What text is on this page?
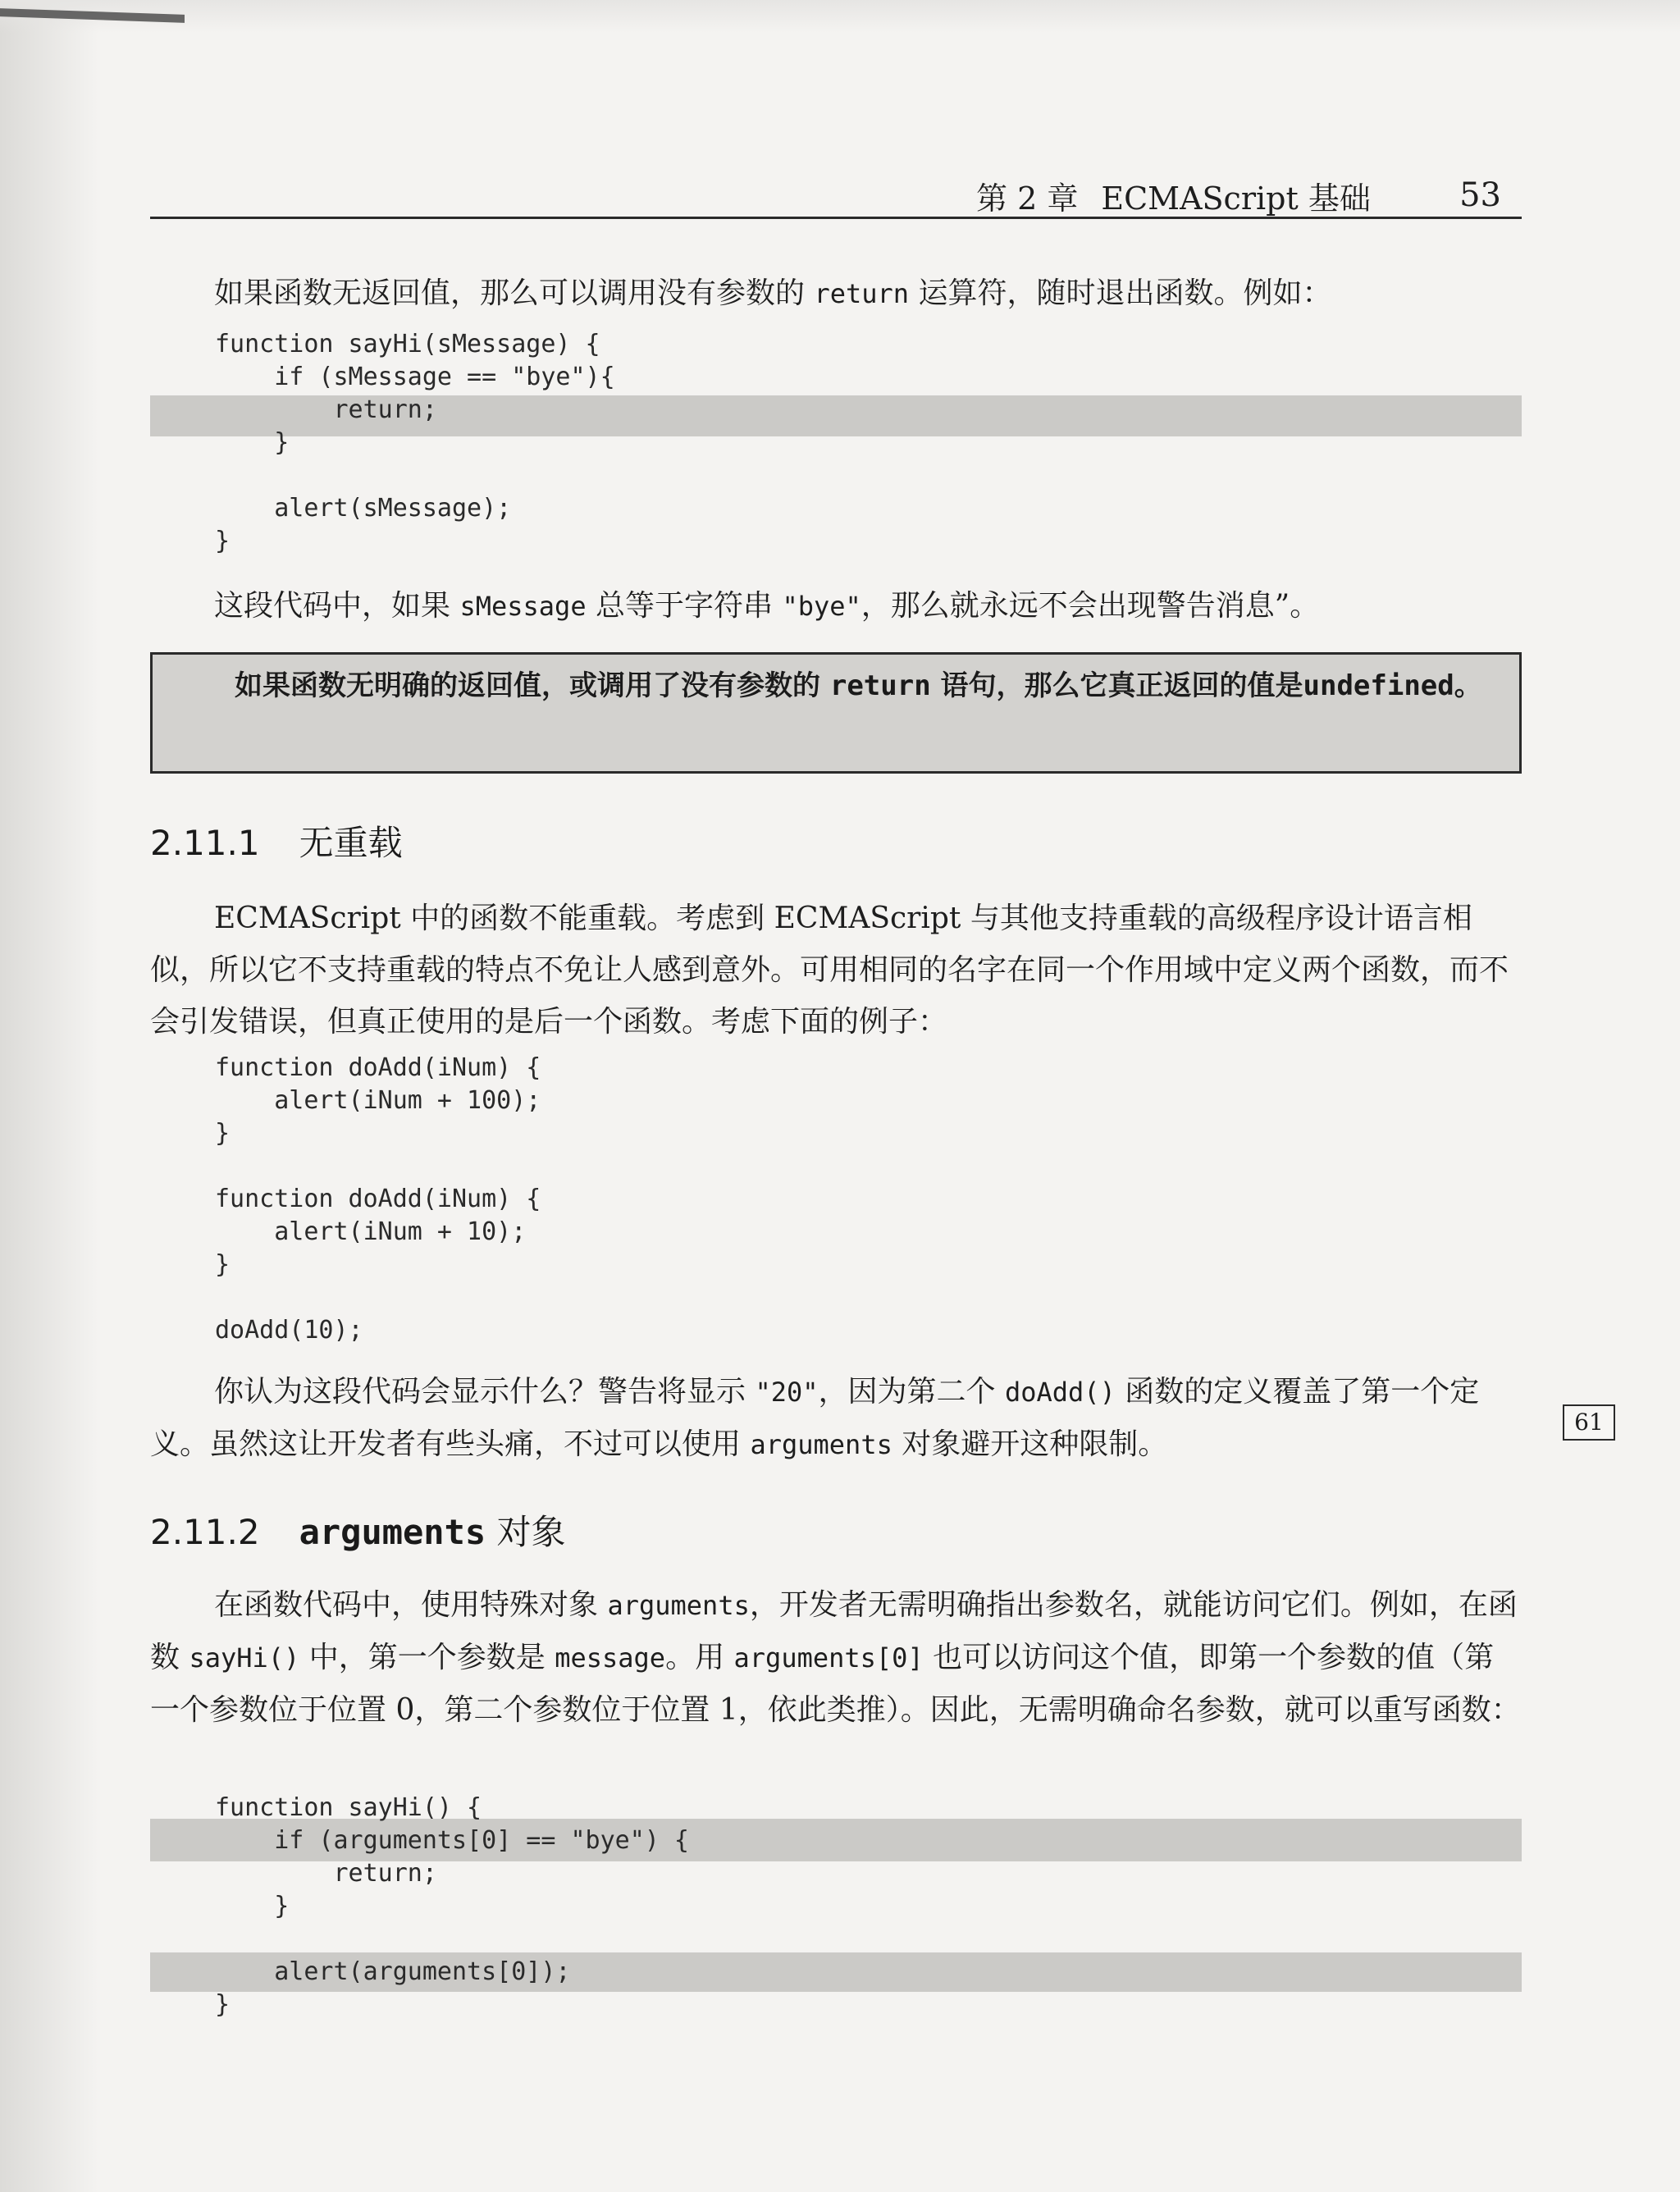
第 2 章 ECMAScript 基础	53

如果函数无返回值，那么可以调用没有参数的 return 运算符，随时退出函数。例如：

function sayHi(sMessage) {
if (sMessage == "bye"){
return;
}
alert(sMessage);
}

这段代码中，如果 sMessage 总等于字符串 "bye"，那么就永远不会出现警告消息”。

如果函数无明确的返回值，或调用了没有参数的 return 语句，那么它真正返回的值是undefined。
2.11.1 无重载

ECMAScript 中的函数不能重载。考虑到 ECMAScript 与其他支持重载的高级程序设计语言相似，所以它不支持重载的特点不免让人感到意外。可用相同的名字在同一个作用域中定义两个函数，而不会引发错误，但真正使用的是后一个函数。考虑下面的例子：

function doAdd(iNum) {
alert(iNum + 100);
}
function doAdd(iNum) {
alert(iNum + 10);
}
doAdd(10);

你认为这段代码会显示什么？警告将显示 "20"，因为第二个 doAdd() 函数的定义覆盖了第一个定义。虽然这让开发者有些头痛，不过可以使用 arguments 对象避开这种限制。

61
2.11.2 arguments 对象

在函数代码中，使用特殊对象 arguments，开发者无需明确指出参数名，就能访问它们。例如，在函数 sayHi() 中，第一个参数是 message。用 arguments[0] 也可以访问这个值，即第一个参数的值（第一个参数位于位置 0，第二个参数位于位置 1，依此类推）。因此，无需明确命名参数，就可以重写函数：

function sayHi() {
if (arguments[0] == "bye") {
return;
}
alert(arguments[0]);
}
